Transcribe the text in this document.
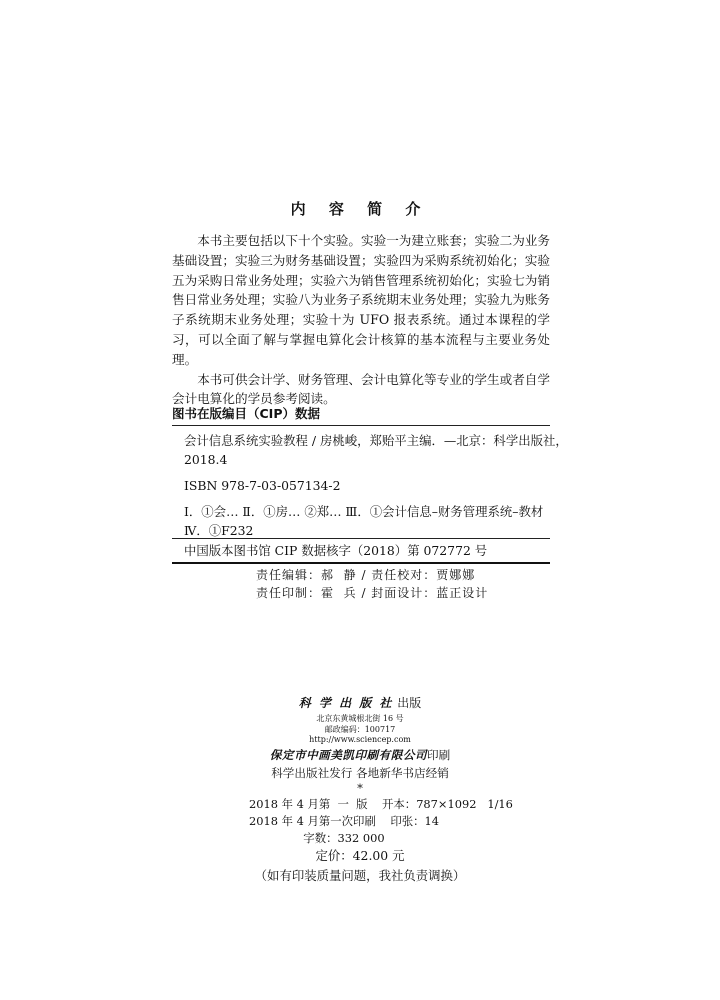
内 容 简 介

本书主要包括以下十个实验。实验一为建立账套；实验二为业务基础设置；实验三为财务基础设置；实验四为采购系统初始化；实验五为采购日常业务处理；实验六为销售管理系统初始化；实验七为销售日常业务处理；实验八为业务子系统期末业务处理；实验九为账务子系统期末业务处理；实验十为 UFO 报表系统。通过本课程的学习，可以全面了解与掌握电算化会计核算的基本流程与主要业务处理。

本书可供会计学、财务管理、会计电算化等专业的学生或者自学会计电算化的学员参考阅读。

图书在版编目（CIP）数据
会计信息系统实验教程 / 房桃峻，郑贻平主编．—北京：科学出版社，
2018.4
ISBN 978-7-03-057134-2
Ⅰ．①会… Ⅱ．①房… ②郑… Ⅲ．①会计信息–财务管理系统–教材
Ⅳ．①F232
中国版本图书馆 CIP 数据核字（2018）第 072772 号
责任编辑：郝  静 / 责任校对：贾娜娜
责任印制：霍  兵 / 封面设计：蓝正设计
科 学 出 版 社 出版
北京东黄城根北街 16 号
邮政编码：100717
http://www.sciencep.com
保定市中画美凯印刷有限公司印刷
科学出版社发行 各地新华书店经销
*
2018 年 4 月第  一  版    开本：787×1092   1/16
2018 年 4 月第一次印刷    印张：14
字数：332 000
定价：42.00 元
（如有印装质量问题，我社负责调换）
